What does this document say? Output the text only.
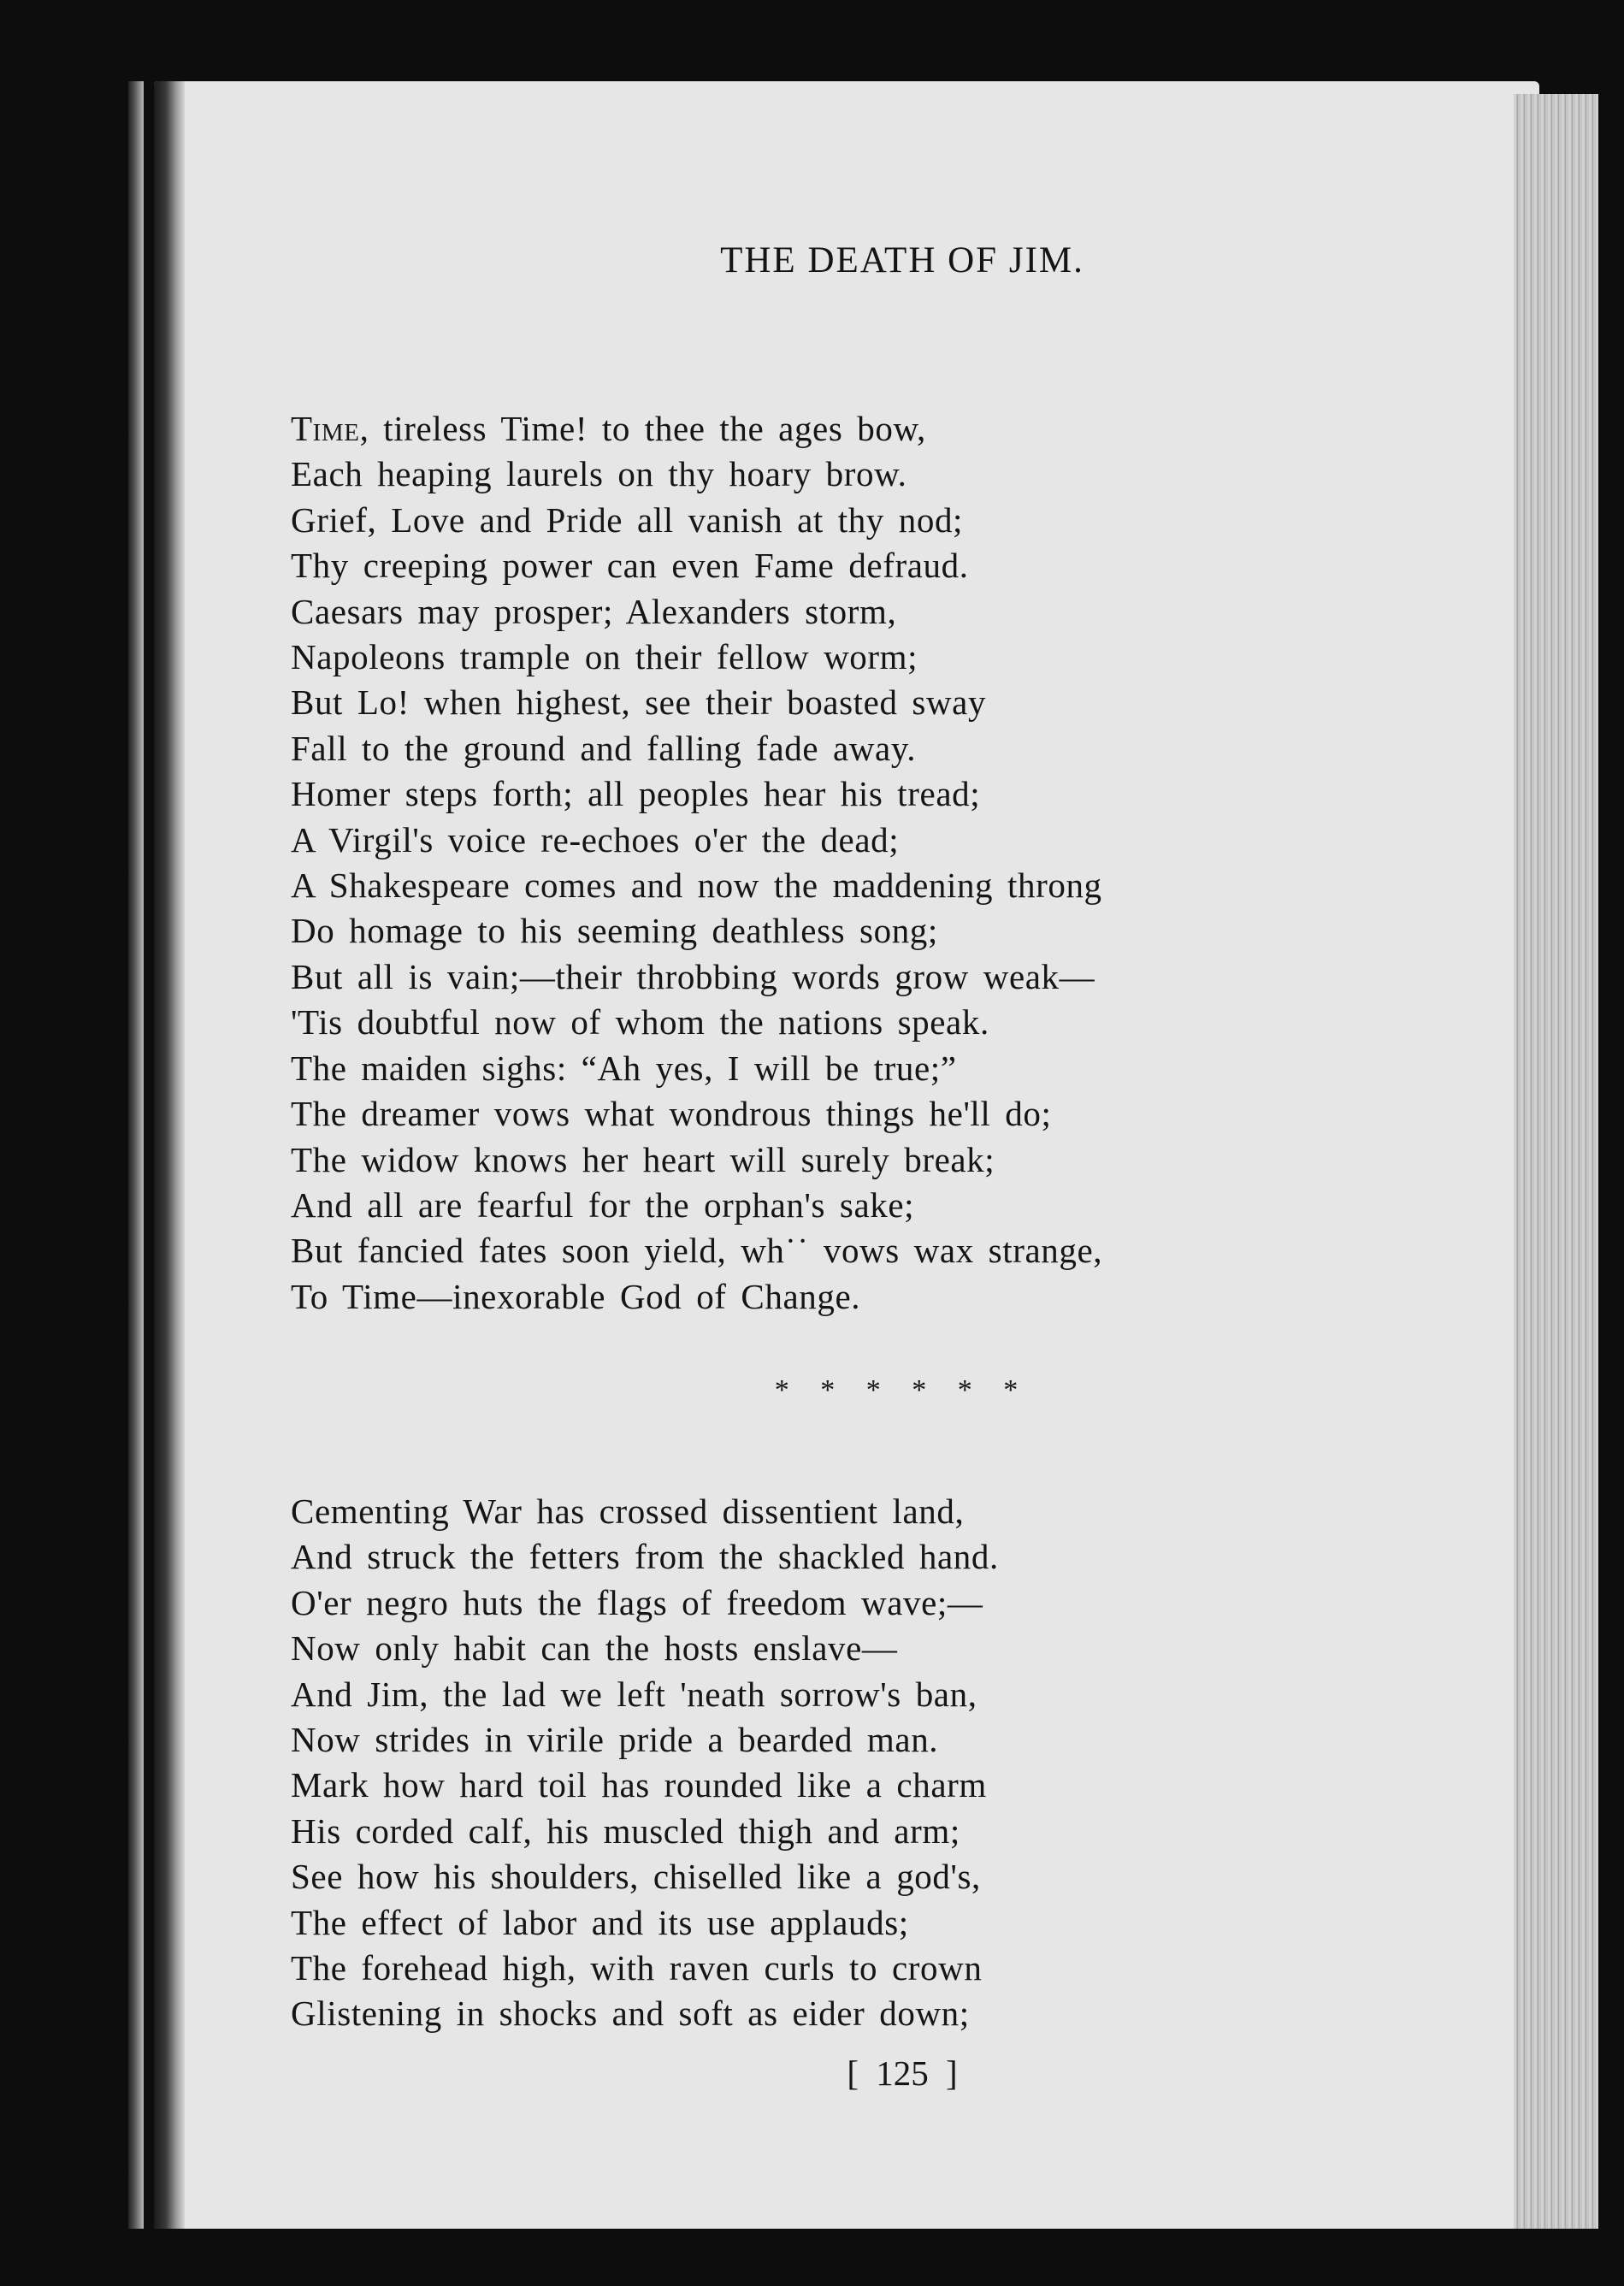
THE DEATH OF JIM.
Time, tireless Time! to thee the ages bow,
Each heaping laurels on thy hoary brow.
Grief, Love and Pride all vanish at thy nod;
Thy creeping power can even Fame defraud.
Caesars may prosper; Alexanders storm,
Napoleons trample on their fellow worm;
But Lo! when highest, see their boasted sway
Fall to the ground and falling fade away.
Homer steps forth; all peoples hear his tread;
A Virgil's voice re-echoes o'er the dead;
A Shakespeare comes and now the maddening throng
Do homage to his seeming deathless song;
But all is vain;—their throbbing words grow weak—
'Tis doubtful now of whom the nations speak.
The maiden sighs: “Ah yes, I will be true;”
The dreamer vows what wondrous things he'll do;
The widow knows her heart will surely break;
And all are fearful for the orphan's sake;
But fancied fates soon yield, wh˙˙ vows wax strange,
To Time—inexorable God of Change.
* * * * * *
Cementing War has crossed dissentient land,
And struck the fetters from the shackled hand.
O'er negro huts the flags of freedom wave;—
Now only habit can the hosts enslave—
And Jim, the lad we left 'neath sorrow's ban,
Now strides in virile pride a bearded man.
Mark how hard toil has rounded like a charm
His corded calf, his muscled thigh and arm;
See how his shoulders, chiselled like a god's,
The effect of labor and its use applauds;
The forehead high, with raven curls to crown
Glistening in shocks and soft as eider down;
[ 125 ]
